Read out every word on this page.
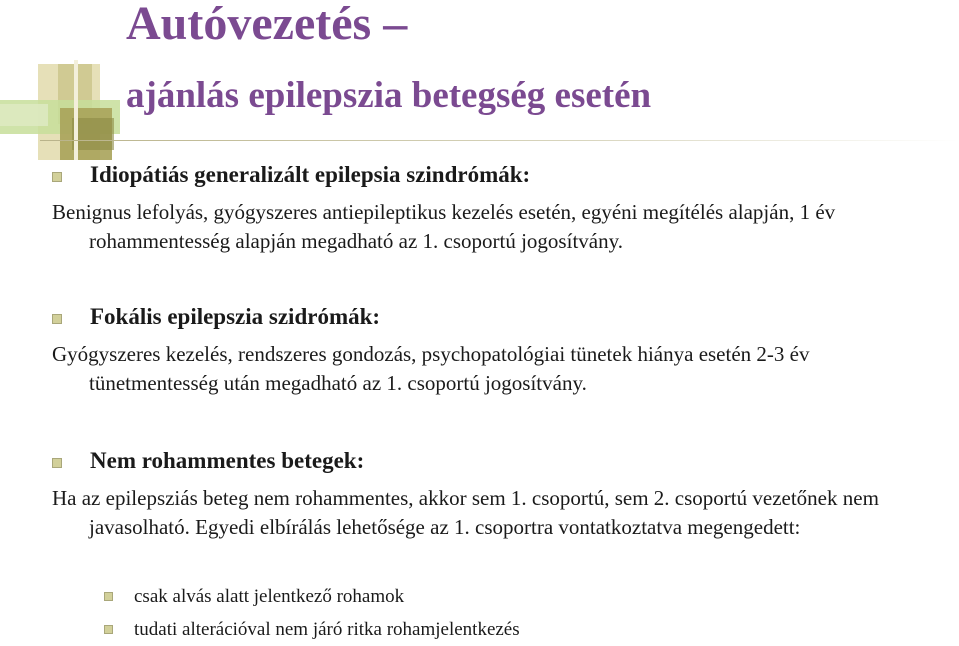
Autóvezetés –
ajánlás epilepszia betegség esetén
Idiopátiás generalizált epilepsia szindrómák:
Benignus lefolyás, gyógyszeres antiepileptikus kezelés esetén, egyéni megítélés alapján, 1 év rohammentesség alapján megadható az 1. csoportú jogosítvány.
Fokális epilepszia szidrómák:
Gyógyszeres kezelés, rendszeres gondozás, psychopatológiai tünetek hiánya esetén 2-3 év tünetmentesség után megadható az 1. csoportú jogosítvány.
Nem rohammentes betegek:
Ha az epilepsziás beteg nem rohammentes, akkor sem 1. csoportú, sem 2. csoportú vezetőnek nem javasolható. Egyedi elbírálás lehetősége az 1. csoportra vontatkoztatva megengedett:
csak alvás alatt jelentkező rohamok
tudati alterációval nem járó ritka rohamjelentkezés
